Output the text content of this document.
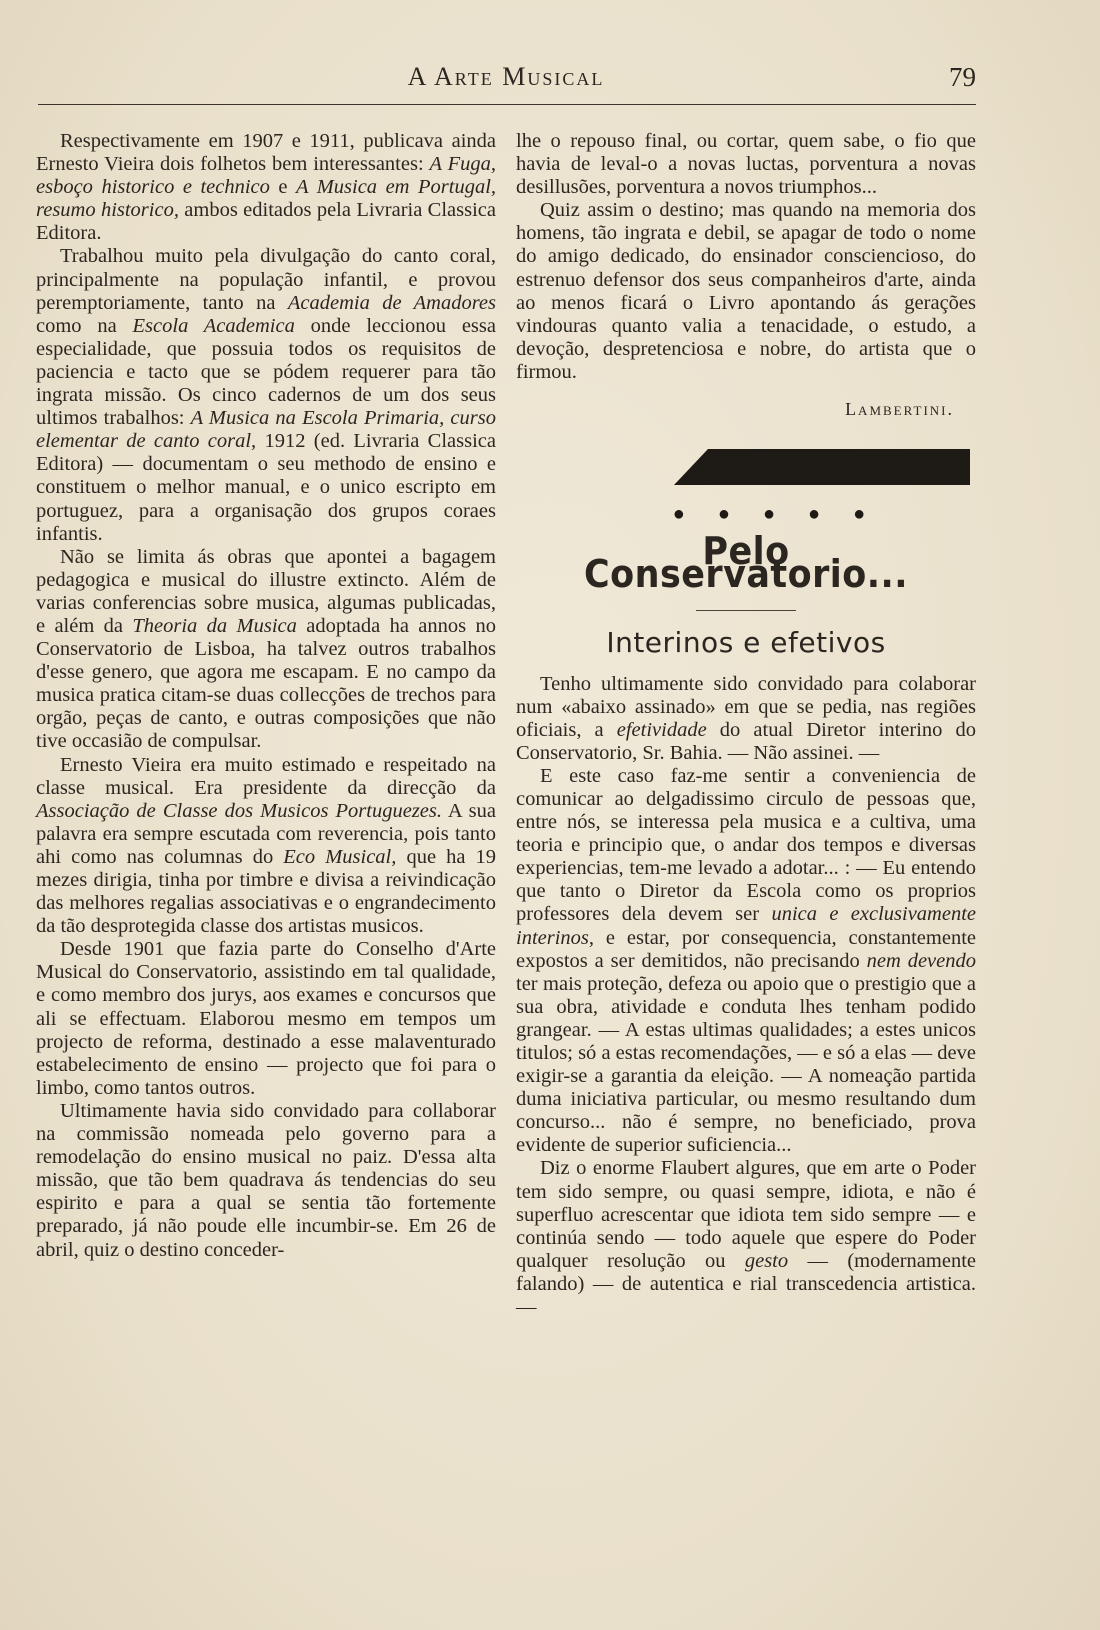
A Arte Musical	79

Respectivamente em 1907 e 1911, publicava ainda Ernesto Vieira dois folhetos bem interessantes: A Fuga, esboço historico e technico e A Musica em Portugal, resumo historico, ambos editados pela Livraria Classica Editora.

Trabalhou muito pela divulgação do canto coral, principalmente na população infantil, e provou peremptoriamente, tanto na Academia de Amadores como na Escola Academica onde leccionou essa especialidade, que possuia todos os requisitos de paciencia e tacto que se pódem requerer para tão ingrata missão. Os cinco cadernos de um dos seus ultimos trabalhos: A Musica na Escola Primaria, curso elementar de canto coral, 1912 (ed. Livraria Classica Editora) — documentam o seu methodo de ensino e constituem o melhor manual, e o unico escripto em portuguez, para a organisação dos grupos coraes infantis.

Não se limita ás obras que apontei a bagagem pedagogica e musical do illustre extincto. Além de varias conferencias sobre musica, algumas publicadas, e além da Theoria da Musica adoptada ha annos no Conservatorio de Lisboa, ha talvez outros trabalhos d'esse genero, que agora me escapam. E no campo da musica pratica citam-se duas collecções de trechos para orgão, peças de canto, e outras composições que não tive occasião de compulsar.

Ernesto Vieira era muito estimado e respeitado na classe musical. Era presidente da direcção da Associação de Classe dos Musicos Portuguezes. A sua palavra era sempre escutada com reverencia, pois tanto ahi como nas columnas do Eco Musical, que ha 19 mezes dirigia, tinha por timbre e divisa a reivindicação das melhores regalias associativas e o engrandecimento da tão desprotegida classe dos artistas musicos.

Desde 1901 que fazia parte do Conselho d'Arte Musical do Conservatorio, assistindo em tal qualidade, e como membro dos jurys, aos exames e concursos que ali se effectuam. Elaborou mesmo em tempos um projecto de reforma, destinado a esse malaventurado estabelecimento de ensino — projecto que foi para o limbo, como tantos outros.

Ultimamente havia sido convidado para collaborar na commissão nomeada pelo governo para a remodelação do ensino musical no paiz. D'essa alta missão, que tão bem quadrava ás tendencias do seu espirito e para a qual se sentia tão fortemente preparado, já não poude elle incumbir-se. Em 26 de abril, quiz o destino conceder-

lhe o repouso final, ou cortar, quem sabe, o fio que havia de leval-o a novas luctas, porventura a novas desillusões, porventura a novos triumphos...

Quiz assim o destino; mas quando na memoria dos homens, tão ingrata e debil, se apagar de todo o nome do amigo dedicado, do ensinador consciencioso, do estrenuo defensor dos seus companheiros d'arte, ainda ao menos ficará o Livro apontando ás gerações vindouras quanto valia a tenacidade, o estudo, a devoção, despretenciosa e nobre, do artista que o firmou.

Lambertini.
● ● ● ● ●
Pelo Conservatorio...
Interinos e efetivos

Tenho ultimamente sido convidado para colaborar num «abaixo assinado» em que se pedia, nas regiões oficiais, a efetividade do atual Diretor interino do Conservatorio, Sr. Bahia. — Não assinei. —

E este caso faz-me sentir a conveniencia de comunicar ao delgadissimo circulo de pessoas que, entre nós, se interessa pela musica e a cultiva, uma teoria e principio que, o andar dos tempos e diversas experiencias, tem-me levado a adotar... : — Eu entendo que tanto o Diretor da Escola como os proprios professores dela devem ser unica e exclusivamente interinos, e estar, por consequencia, constantemente expostos a ser demitidos, não precisando nem devendo ter mais proteção, defeza ou apoio que o prestigio que a sua obra, atividade e conduta lhes tenham podido grangear. — A estas ultimas qualidades; a estes unicos titulos; só a estas recomendações, — e só a elas — deve exigir-se a garantia da eleição. — A nomeação partida duma iniciativa particular, ou mesmo resultando dum concurso... não é sempre, no beneficiado, prova evidente de superior suficiencia...

Diz o enorme Flaubert algures, que em arte o Poder tem sido sempre, ou quasi sempre, idiota, e não é superfluo acrescentar que idiota tem sido sempre — e continúa sendo — todo aquele que espere do Poder qualquer resolução ou gesto — (modernamente falando) — de autentica e rial transcedencia artistica. —
